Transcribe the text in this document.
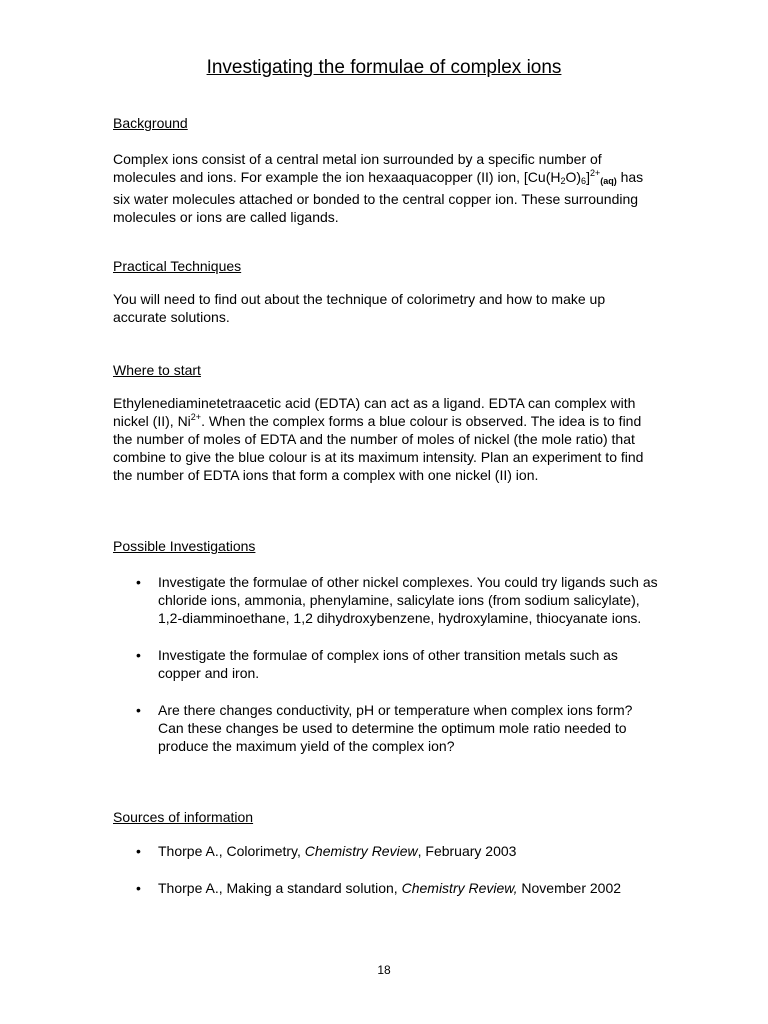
Investigating the formulae of complex ions
Background

Complex ions consist of a central metal ion surrounded by a specific number of molecules and ions. For example the ion hexaaquacopper (II) ion, $[Cu(H_2O)_6]^{2+}(aq)$ has six water molecules attached or bonded to the central copper ion. These surrounding molecules or ions are called ligands.

Practical Techniques

You will need to find out about the technique of colorimetry and how to make up accurate solutions.

Where to start

Ethylenediaminetetraacetic acid (EDTA) can act as a ligand. EDTA can complex with nickel (II), $Ni^{2+}$. When the complex forms a blue colour is observed. The idea is to find the number of moles of EDTA and the number of moles of nickel (the mole ratio) that combine to give the blue colour is at its maximum intensity. Plan an experiment to find the number of EDTA ions that form a complex with one nickel (II) ion.

Possible Investigations
• Investigate the formulae of other nickel complexes. You could try ligands such as chloride ions, ammonia, phenylamine, salicylate ions (from sodium salicylate), 1,2-diamminoethane, 1,2 dihydroxybenzene, hydroxylamine, thiocyanate ions.
• Investigate the formulae of complex ions of other transition metals such as copper and iron.
• Are there changes conductivity, pH or temperature when complex ions form? Can these changes be used to determine the optimum mole ratio needed to produce the maximum yield of the complex ion?
Sources of information
• Thorpe A., Colorimetry, Chemistry Review, February 2003
• Thorpe A., Making a standard solution, Chemistry Review, November 2002
18
